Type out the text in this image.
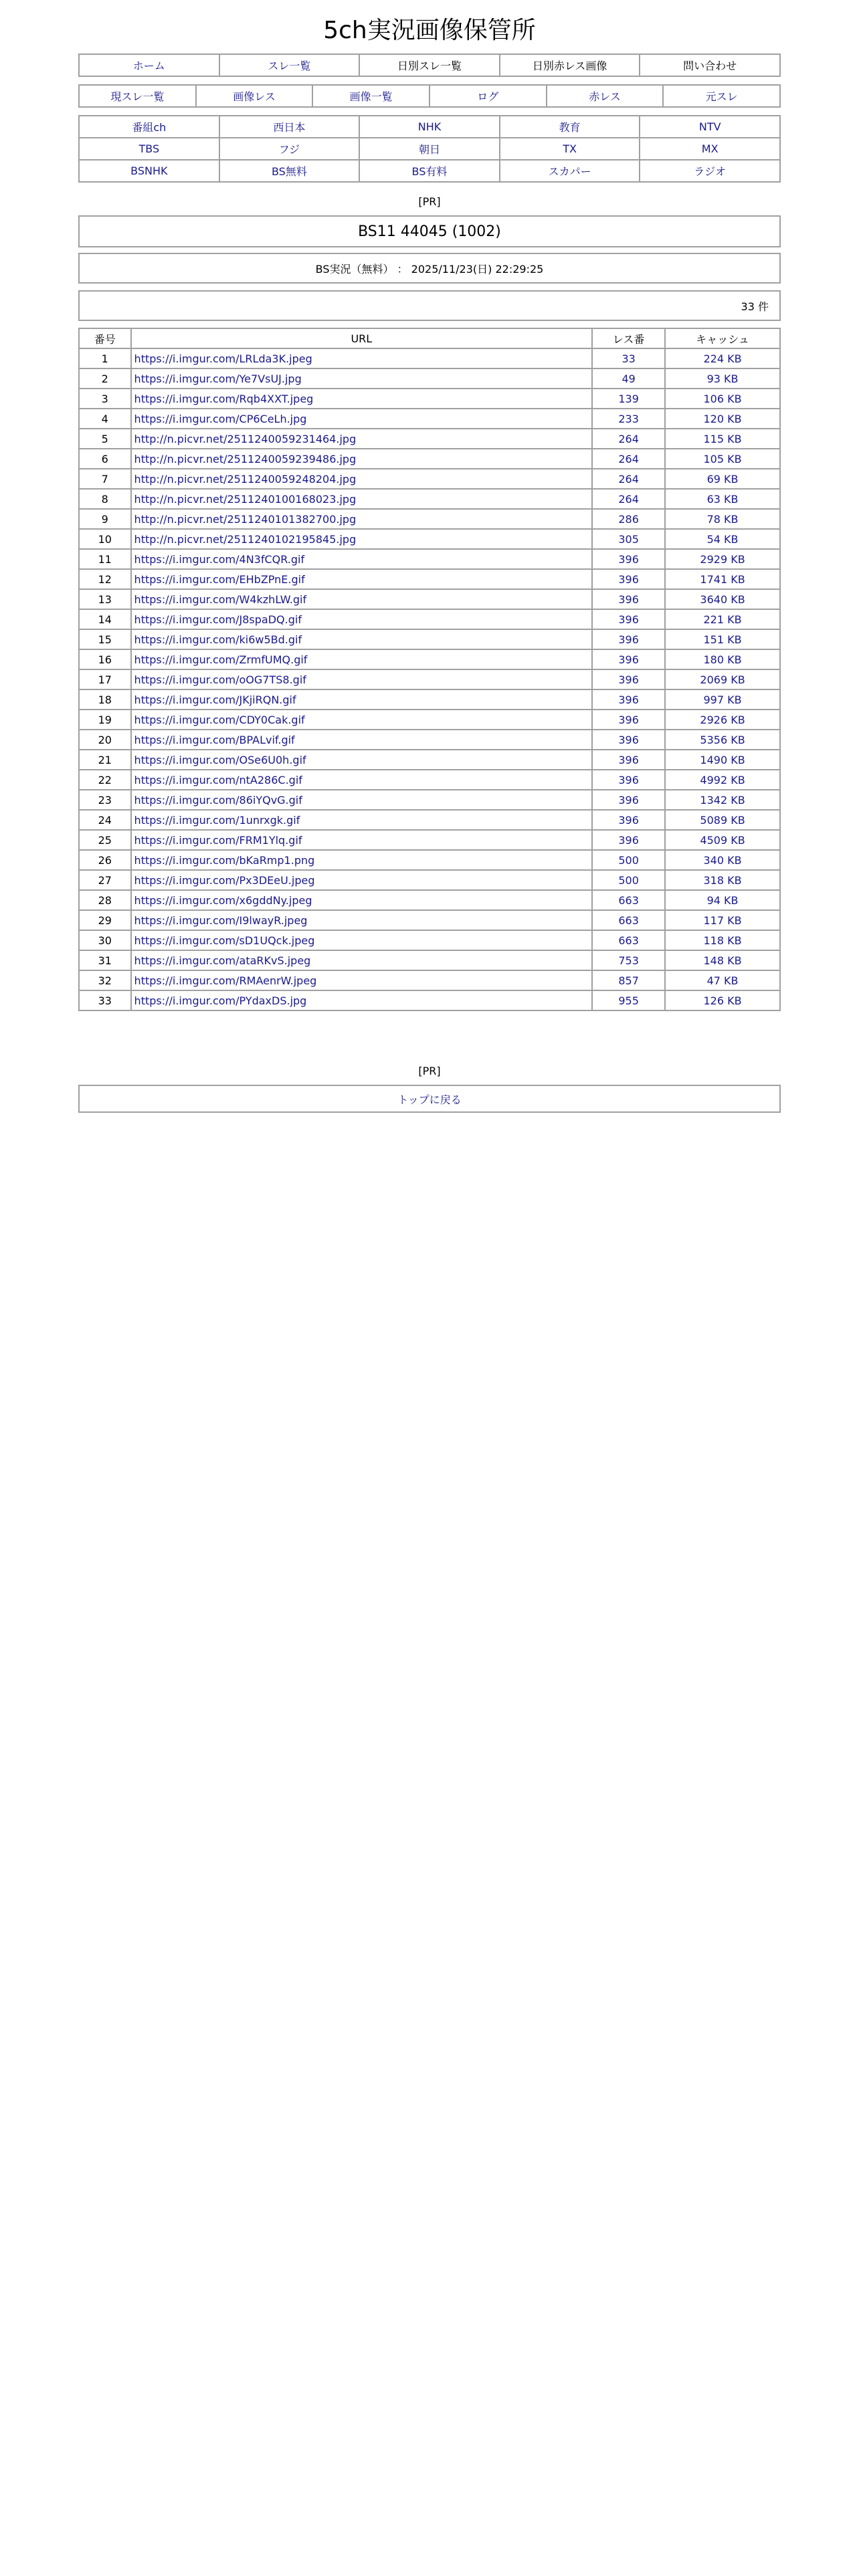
5ch実況画像保管所
ホーム	スレ一覧	日別スレ一覧	日別赤レス画像	問い合わせ
現スレ一覧	画像レス	画像一覧	ログ	赤レス	元スレ
番組ch	西日本	NHK	教育	NTV
TBS	フジ	朝日	TX	MX
BSNHK	BS無料	BS有料	スカパー	ラジオ
[PR]
BS11 44045 (1002)
BS実況（無料） ： 2025/11/23(日) 22:29:25
33 件
番号	URL	レス番	キャッシュ
1	https://i.imgur.com/LRLda3K.jpeg	33	224 KB
2	https://i.imgur.com/Ye7VsUJ.jpg	49	93 KB
3	https://i.imgur.com/Rqb4XXT.jpeg	139	106 KB
4	https://i.imgur.com/CP6CeLh.jpg	233	120 KB
5	http://n.picvr.net/2511240059231464.jpg	264	115 KB
6	http://n.picvr.net/2511240059239486.jpg	264	105 KB
7	http://n.picvr.net/2511240059248204.jpg	264	69 KB
8	http://n.picvr.net/2511240100168023.jpg	264	63 KB
9	http://n.picvr.net/2511240101382700.jpg	286	78 KB
10	http://n.picvr.net/2511240102195845.jpg	305	54 KB
11	https://i.imgur.com/4N3fCQR.gif	396	2929 KB
12	https://i.imgur.com/EHbZPnE.gif	396	1741 KB
13	https://i.imgur.com/W4kzhLW.gif	396	3640 KB
14	https://i.imgur.com/J8spaDQ.gif	396	221 KB
15	https://i.imgur.com/ki6w5Bd.gif	396	151 KB
16	https://i.imgur.com/ZrmfUMQ.gif	396	180 KB
17	https://i.imgur.com/oOG7TS8.gif	396	2069 KB
18	https://i.imgur.com/JKjiRQN.gif	396	997 KB
19	https://i.imgur.com/CDY0Cak.gif	396	2926 KB
20	https://i.imgur.com/BPALvif.gif	396	5356 KB
21	https://i.imgur.com/OSe6U0h.gif	396	1490 KB
22	https://i.imgur.com/ntA286C.gif	396	4992 KB
23	https://i.imgur.com/86iYQvG.gif	396	1342 KB
24	https://i.imgur.com/1unrxgk.gif	396	5089 KB
25	https://i.imgur.com/FRM1Ylq.gif	396	4509 KB
26	https://i.imgur.com/bKaRmp1.png	500	340 KB
27	https://i.imgur.com/Px3DEeU.jpeg	500	318 KB
28	https://i.imgur.com/x6gddNy.jpeg	663	94 KB
29	https://i.imgur.com/I9lwayR.jpeg	663	117 KB
30	https://i.imgur.com/sD1UQck.jpeg	663	118 KB
31	https://i.imgur.com/ataRKvS.jpeg	753	148 KB
32	https://i.imgur.com/RMAenrW.jpeg	857	47 KB
33	https://i.imgur.com/PYdaxDS.jpg	955	126 KB
[PR]
トップに戻る
